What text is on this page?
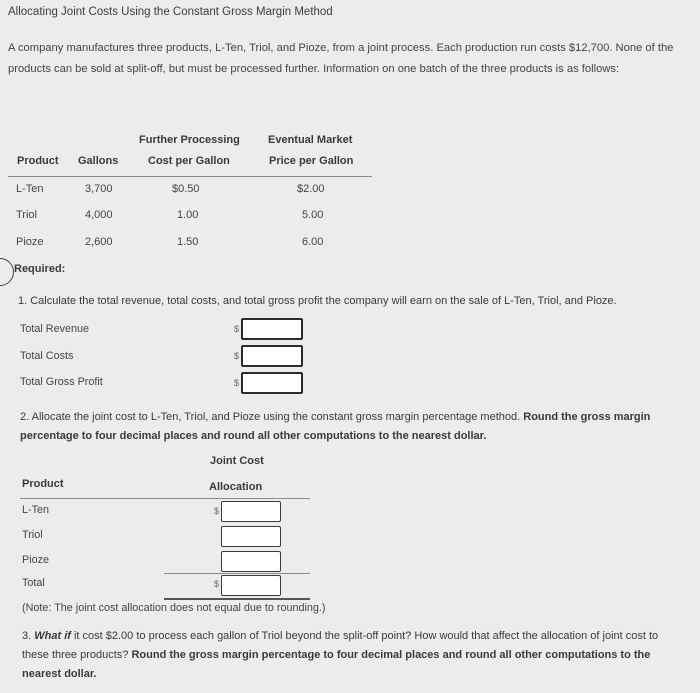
Allocating Joint Costs Using the Constant Gross Margin Method
A company manufactures three products, L-Ten, Triol, and Pioze, from a joint process. Each production run costs $12,700. None of the products can be sold at split-off, but must be processed further. Information on one batch of the three products is as follows:
Further Processing	Eventual Market
Product Gallons	Cost per Gallon	Price per Gallon
L-Ten	3,700	$0.50	$2.00
Triol	4,000	1.00	5.00
Pioze	2,600	1.50	6.00
Required:
1. Calculate the total revenue, total costs, and total gross profit the company will earn on the sale of L-Ten, Triol, and Pioze.
Total Revenue	$
Total Costs	$
Total Gross Profit	$
2. Allocate the joint cost to L-Ten, Triol, and Pioze using the constant gross margin percentage method. Round the gross margin percentage to four decimal places and round all other computations to the nearest dollar.
Joint Cost
Product	Allocation
L-Ten	$
Triol
Pioze
Total	$
(Note: The joint cost allocation does not equal due to rounding.)
3. What if it cost $2.00 to process each gallon of Triol beyond the split-off point? How would that affect the allocation of joint cost to these three products? Round the gross margin percentage to four decimal places and round all other computations to the nearest dollar.
